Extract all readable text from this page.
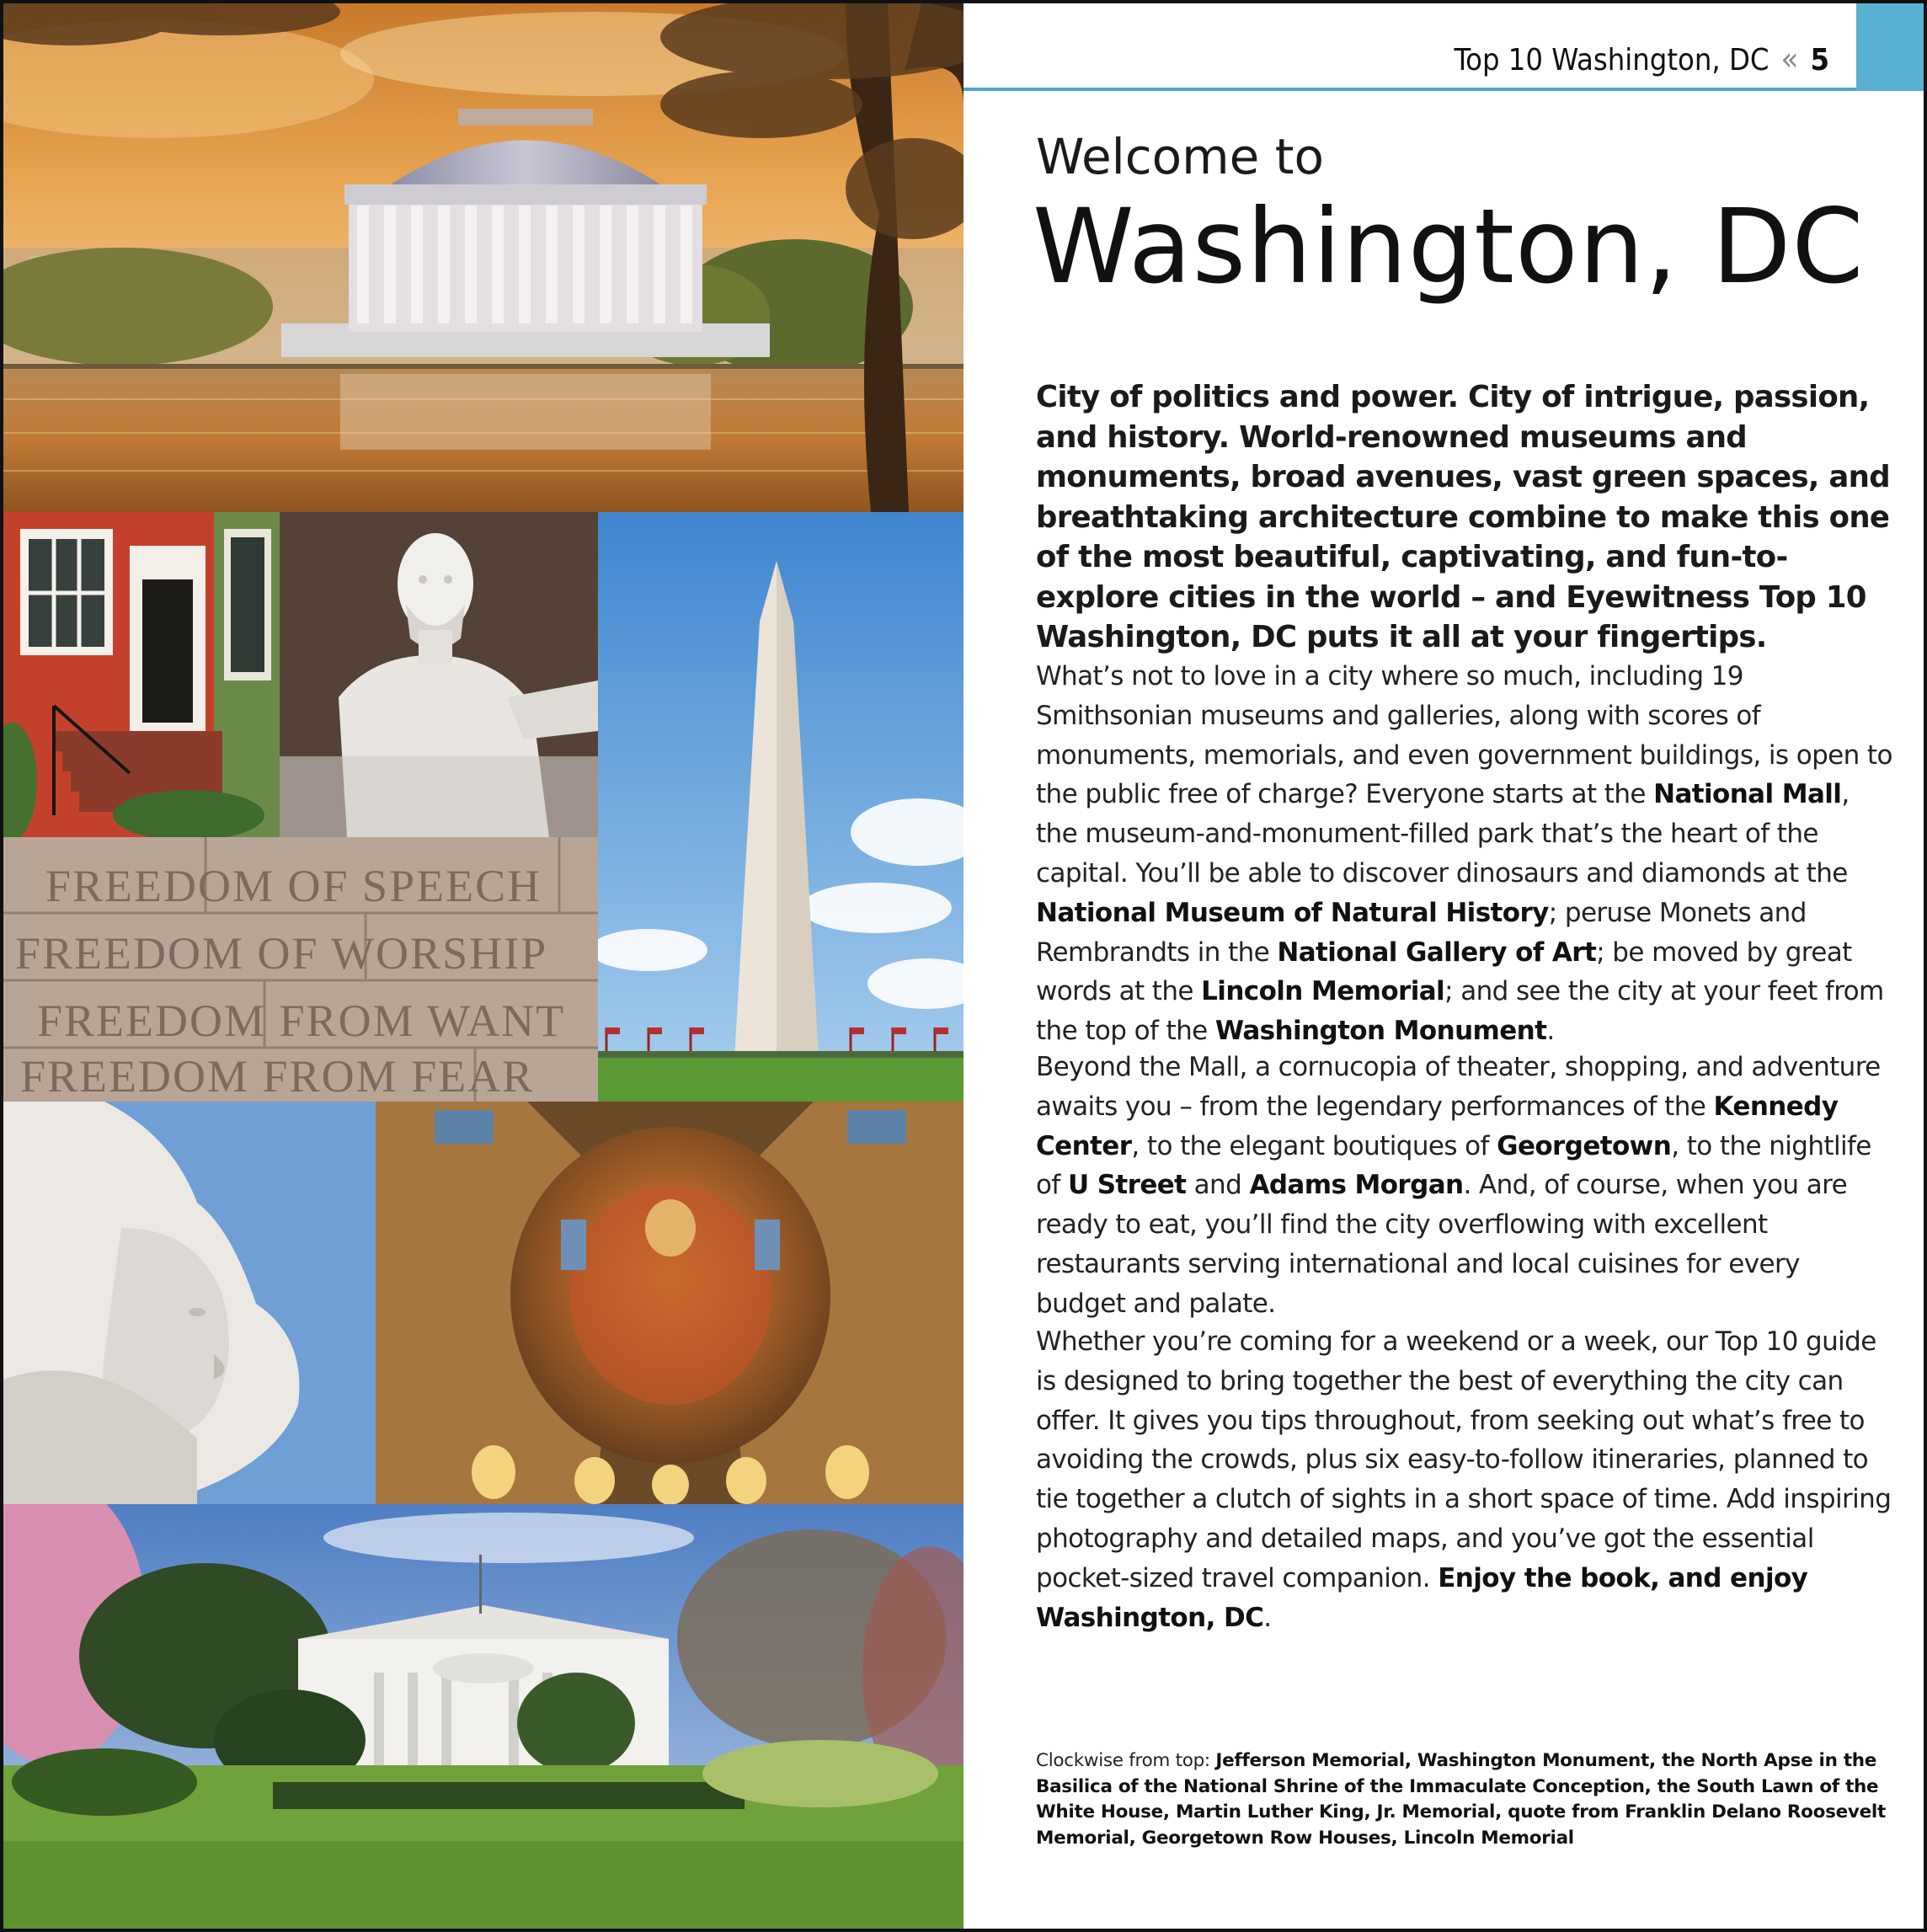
FREEDOM OF SPEECH
FREEDOM OF WORSHIP
FREEDOM FROM WANT
FREEDOM FROM FEAR
Top 10 Washington, DC « 5
Welcome to
Washington, DC
City of politics and power. City of intrigue, passion, and history. World-renowned museums and monuments, broad avenues, vast green spaces, and breathtaking architecture combine to make this one of the most beautiful, captivating, and fun-to-explore cities in the world – and Eyewitness Top 10 Washington, DC puts it all at your fingertips.
What’s not to love in a city where so much, including 19 Smithsonian museums and galleries, along with scores of monuments, memorials, and even government buildings, is open to the public free of charge? Everyone starts at the National Mall, the museum-and-monument-filled park that’s the heart of the capital. You’ll be able to discover dinosaurs and diamonds at the National Museum of Natural History; peruse Monets and Rembrandts in the National Gallery of Art; be moved by great words at the Lincoln Memorial; and see the city at your feet from the top of the Washington Monument.
Beyond the Mall, a cornucopia of theater, shopping, and adventure awaits you – from the legendary performances of the Kennedy Center, to the elegant boutiques of Georgetown, to the nightlife of U Street and Adams Morgan. And, of course, when you are ready to eat, you’ll find the city overflowing with excellent restaurants serving international and local cuisines for every budget and palate.
Whether you’re coming for a weekend or a week, our Top 10 guide is designed to bring together the best of everything the city can offer. It gives you tips throughout, from seeking out what’s free to avoiding the crowds, plus six easy-to-follow itineraries, planned to tie together a clutch of sights in a short space of time. Add inspiring photography and detailed maps, and you’ve got the essential pocket-sized travel companion. Enjoy the book, and enjoy Washington, DC.
Clockwise from top: Jefferson Memorial, Washington Monument, the North Apse in the Basilica of the National Shrine of the Immaculate Conception, the South Lawn of the White House, Martin Luther King, Jr. Memorial, quote from Franklin Delano Roosevelt Memorial, Georgetown Row Houses, Lincoln Memorial
